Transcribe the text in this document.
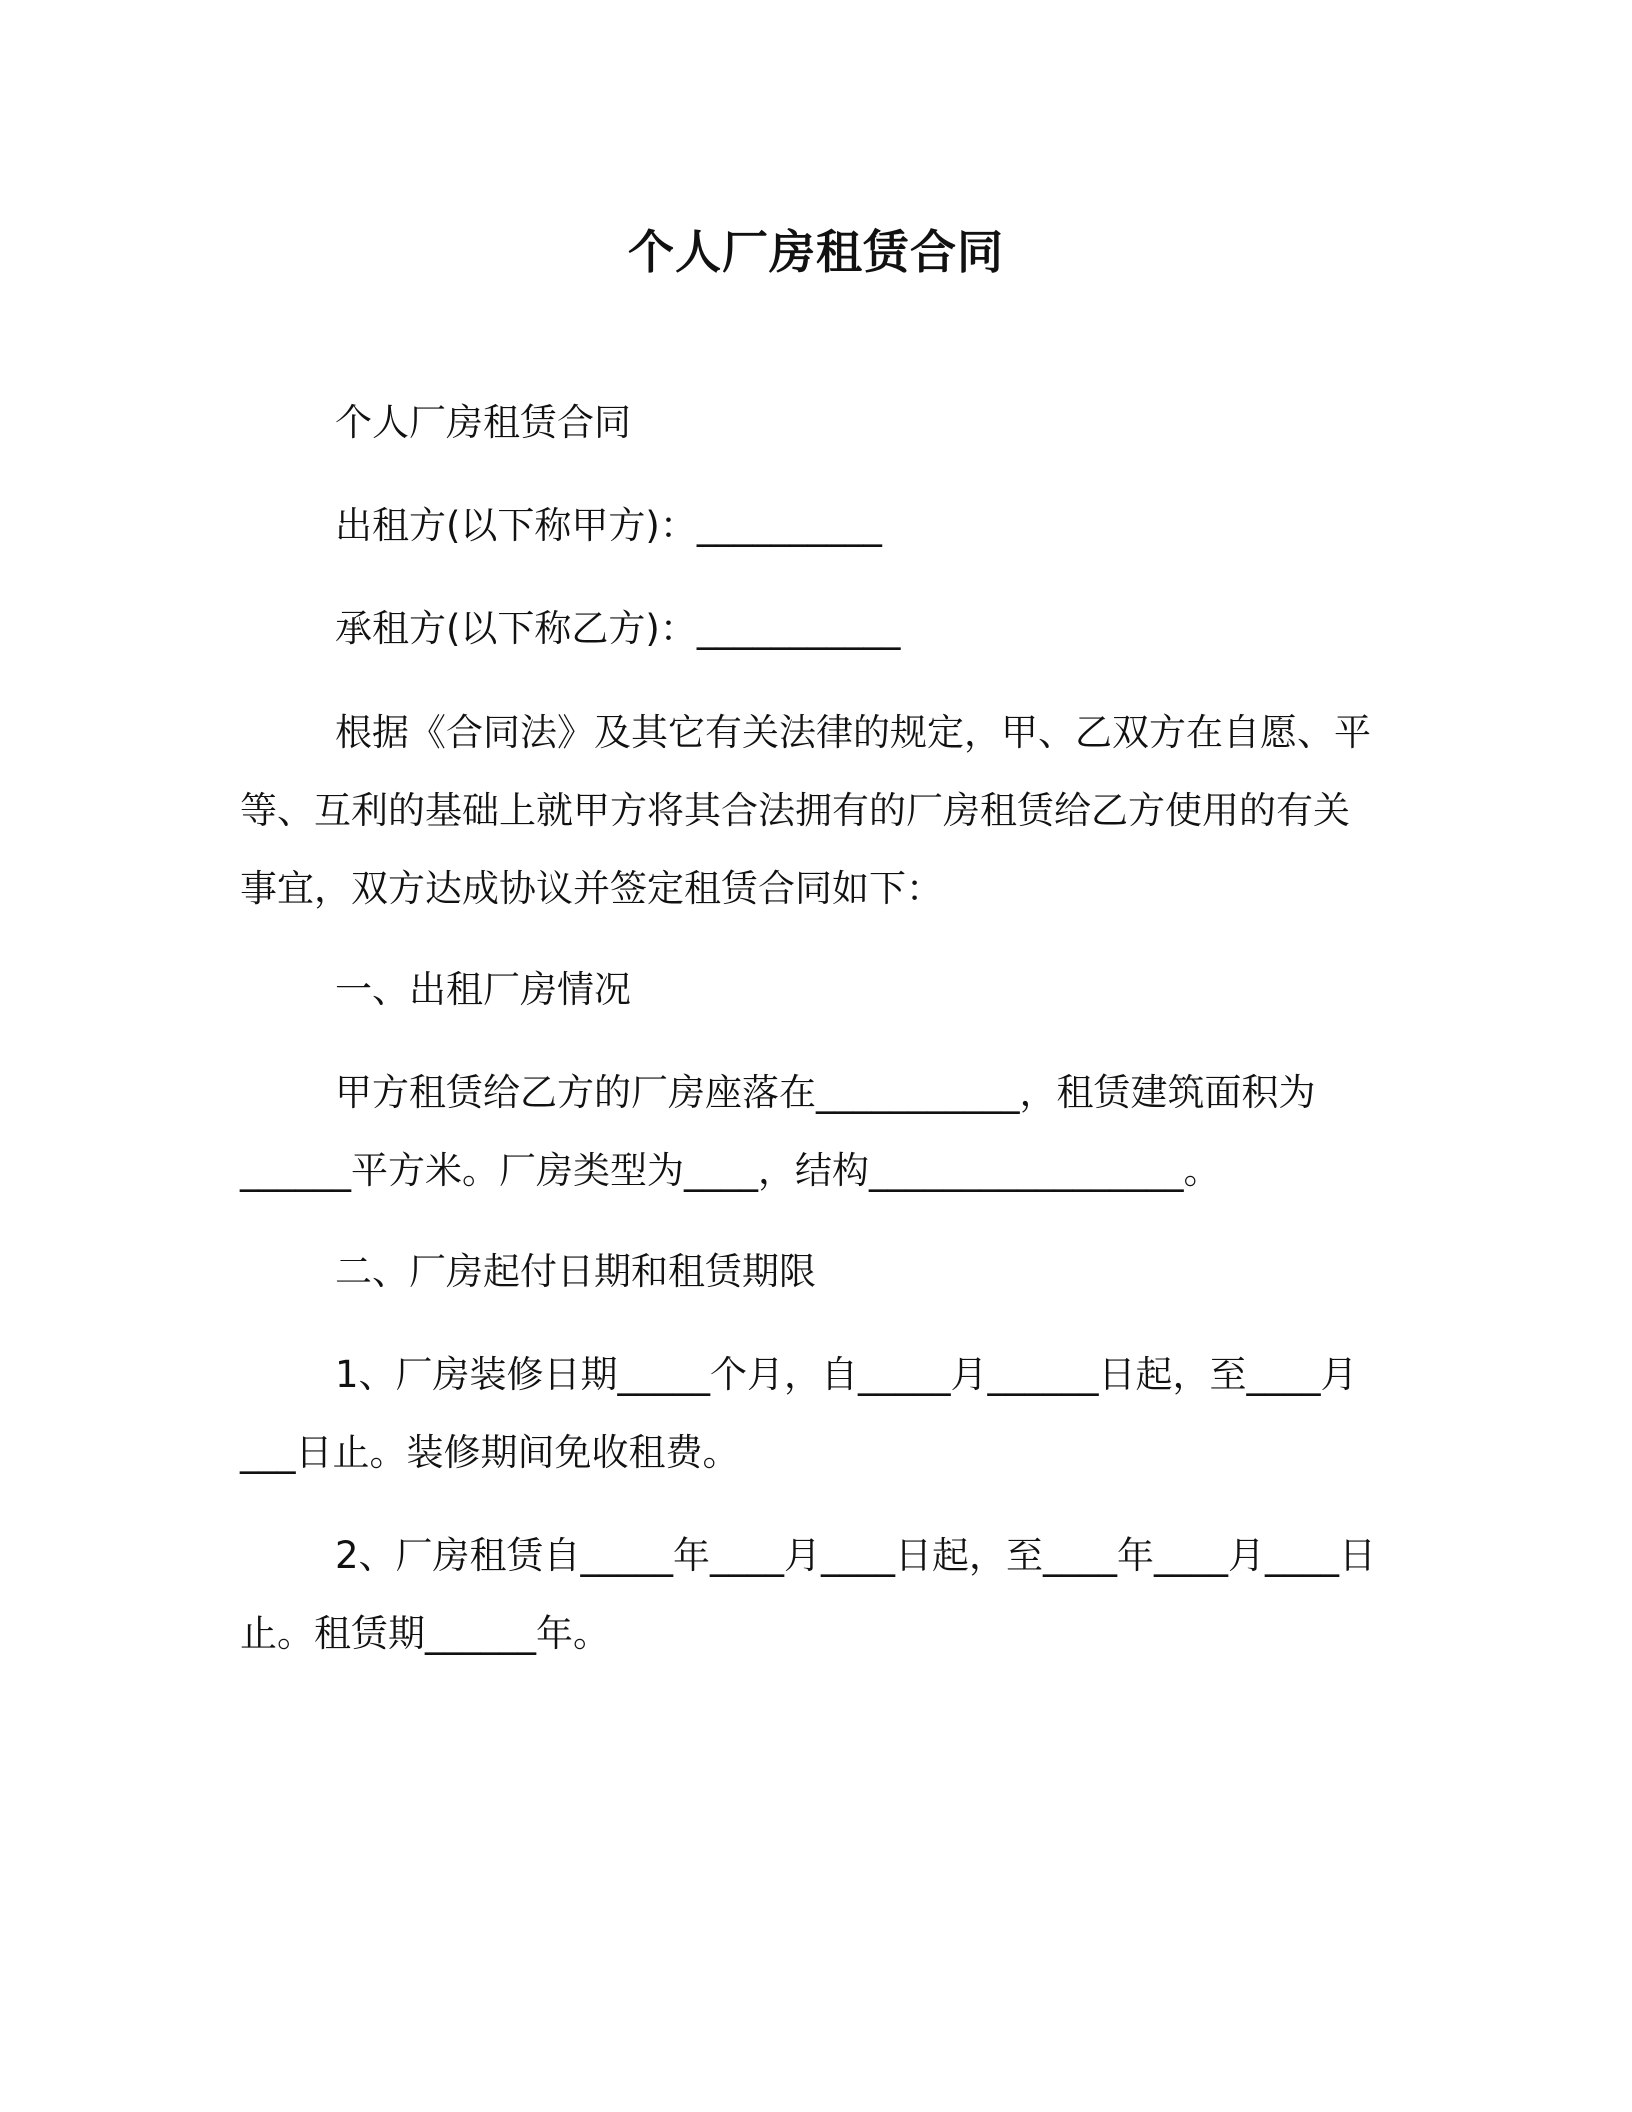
个人厂房租赁合同
个人厂房租赁合同
出租方(以下称甲方)：__________
承租方(以下称乙方)：___________
根据《合同法》及其它有关法律的规定，甲、乙双方在自愿、平等、互利的基础上就甲方将其合法拥有的厂房租赁给乙方使用的有关事宜，双方达成协议并签定租赁合同如下：
一、出租厂房情况
甲方租赁给乙方的厂房座落在___________，租赁建筑面积为______平方米。厂房类型为____，结构_________________。
二、厂房起付日期和租赁期限
1、厂房装修日期_____个月，自_____月______日起，至____月___日止。装修期间免收租费。
2、厂房租赁自_____年____月____日起，至____年____月____日止。租赁期______年。
